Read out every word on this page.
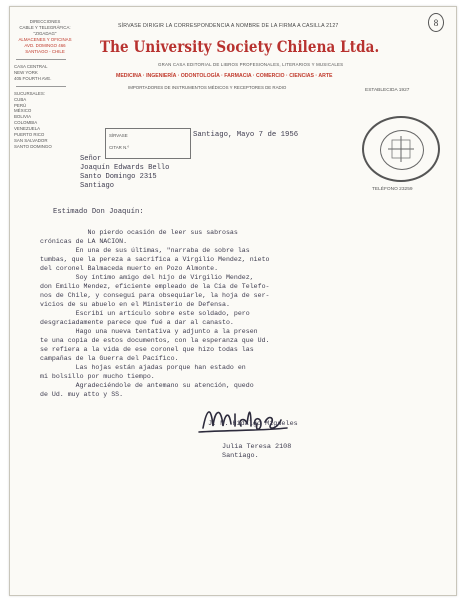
8
SÍRVASE DIRIGIR LA CORRESPONDENCIA A NOMBRE DE LA FIRMA A CASILLA 2127
The University Society Chilena Ltda.
GRAN CASA EDITORIAL DE LIBROS PROFESIONALES, LITERARIOS Y MUSICALES
MEDICINA · INGENIERÍA · ODONTOLOGÍA · FARMACIA · COMERCIO · CIENCIAS · ARTE
IMPORTADORES DE INSTRUMENTOS MÉDICOS Y RECEPTORES DE RADIO
ESTABLECIDA 1927
DIRECCIONES
CABLE Y TELEGRÁFICA:
"ZIGADAG"
ALMACENES Y OFICINAS
AVD. DOMINGO 466
SANTIAGO - CHILE
CASA CENTRAL
NEW YORK
405 FOURTH AVE.
SUCURSALES:
CUBA
PERÚ
MÉXICO
BOLIVIA
COLOMBIA
VENEZUELA
PUERTO RICO
SAN SALVADOR
SANTO DOMINGO
SÍRVASE
CITAR N.º
TELÉFONO 23259
Santiago, Mayo 7 de 1956
Señor
Joaquín Edwards Bello
Santo Domingo 2315
Santiago
Estimado Don Joaquín:
No pierdo ocasión de leer sus sabrosas
crónicas de LA NACION.
En una de sus últimas, "narraba de sobre las
tumbas, que la pereza a sacrifica a Virgilio Mendez, nieto
del coronel Balmaceda muerto en Pozo Almonte.
Soy íntimo amigo del hijo de Virgilio Mendez,
don Emilio Mendez, eficiente empleado de la Cía de Telefo-
nos de Chile, y conseguí para obsequiarle, la hoja de ser-
vicios de su abuelo en el Ministerio de Defensa.
Escribí un artículo sobre este soldado, pero
desgraciadamente parece que fué a dar al canasto.
Hago una nueva tentativa y adjunto a la presen
te una copia de estos documentos, con la esperanza que Ud.
se refiera a la vida de ese coronel que hizo todas las
campañas de la Guerra del Pacífico.
Las hojas están ajadas porque han estado en
mi bolsillo por mucho tiempo.
Agradeciéndole de antemano su atención, quedo
de Ud. muy atto y SS.
J. M. Hidalgo Migueles
Julia Teresa 2108
Santiago.
